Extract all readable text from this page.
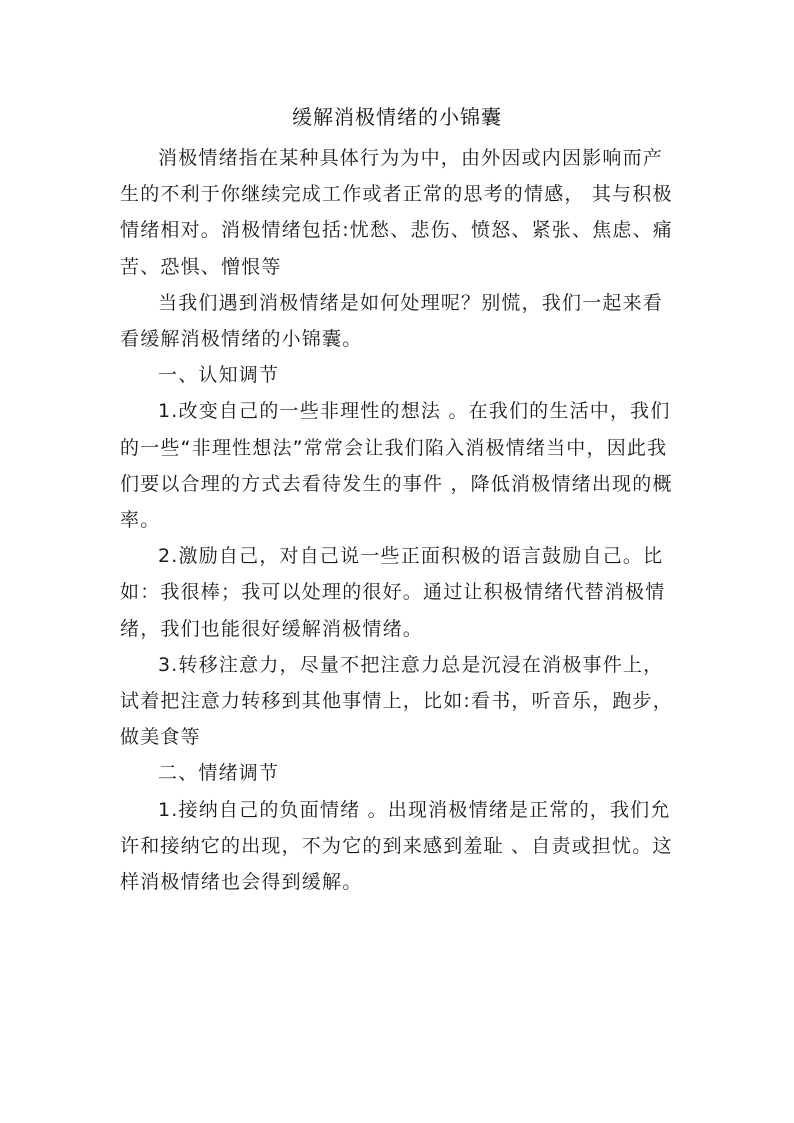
缓解消极情绪的小锦囊

消极情绪指在某种具体行为为中，由外因或内因影响而产生的不利于你继续完成工作或者正常的思考的情感， 其与积极情绪相对。消极情绪包括:忧愁、悲伤、愤怒、紧张、焦虑、痛苦、恐惧、憎恨等

当我们遇到消极情绪是如何处理呢？别慌，我们一起来看看缓解消极情绪的小锦囊。

一、认知调节

1.改变自己的一些非理性的想法 。在我们的生活中，我们的一些“非理性想法”常常会让我们陷入消极情绪当中，因此我们要以合理的方式去看待发生的事件 ，降低消极情绪出现的概率。

2.激励自己，对自己说一些正面积极的语言鼓励自己。比如：我很棒；我可以处理的很好。通过让积极情绪代替消极情绪，我们也能很好缓解消极情绪。

3.转移注意力，尽量不把注意力总是沉浸在消极事件上，试着把注意力转移到其他事情上，比如:看书，听音乐，跑步，做美食等

二、情绪调节

1.接纳自己的负面情绪 。出现消极情绪是正常的，我们允许和接纳它的出现，不为它的到来感到羞耻 、自责或担忧。这样消极情绪也会得到缓解。
